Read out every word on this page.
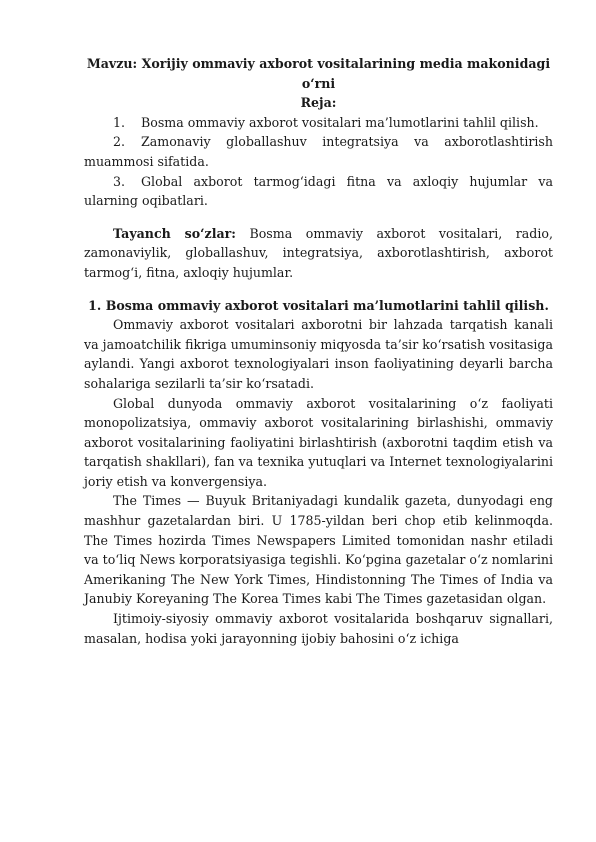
Mavzu: Xorijiy ommaviy axborot vositalarining media makonidagi o‘rni
Reja:
1. Bosma ommaviy axborot vositalari ma’lumotlarini tahlil qilish.
2. Zamonaviy globallashuv integratsiya va axborotlashtirish muammosi sifatida.
3. Global axborot tarmog‘idagi fitna va axloqiy hujumlar va ularning oqibatlari.

Tayanch so‘zlar: Bosma ommaviy axborot vositalari, radio, zamonaviylik, globallashuv, integratsiya, axborotlashtirish, axborot tarmog‘i, fitna, axloqiy hujumlar.

1. Bosma ommaviy axborot vositalari ma’lumotlarini tahlil qilish.

Ommaviy axborot vositalari axborotni bir lahzada tarqatish kanali va jamoatchilik fikriga umuminsoniy miqyosda ta’sir ko‘rsatish vositasiga aylandi. Yangi axborot texnologiyalari inson faoliyatining deyarli barcha sohalariga sezilarli ta’sir ko‘rsatadi.

Global dunyoda ommaviy axborot vositalarining o‘z faoliyati monopolizatsiya, ommaviy axborot vositalarining birlashishi, ommaviy axborot vositalarining faoliyatini birlashtirish (axborotni taqdim etish va tarqatish shakllari), fan va texnika yutuqlari va Internet texnologiyalarini joriy etish va konvergensiya.

The Times — Buyuk Britaniyadagi kundalik gazeta, dunyodagi eng mashhur gazetalardan biri. U 1785-yildan beri chop etib kelinmoqda. The Times hozirda Times Newspapers Limited tomonidan nashr etiladi va to‘liq News korporatsiyasiga tegishli. Ko‘pgina gazetalar o‘z nomlarini Amerikaning The New York Times, Hindistonning The Times of India va Janubiy Koreyaning The Korea Times kabi The Times gazetasidan olgan.

Ijtimoiy-siyosiy ommaviy axborot vositalarida boshqaruv signallari, masalan, hodisa yoki jarayonning ijobiy bahosini o‘z ichiga
